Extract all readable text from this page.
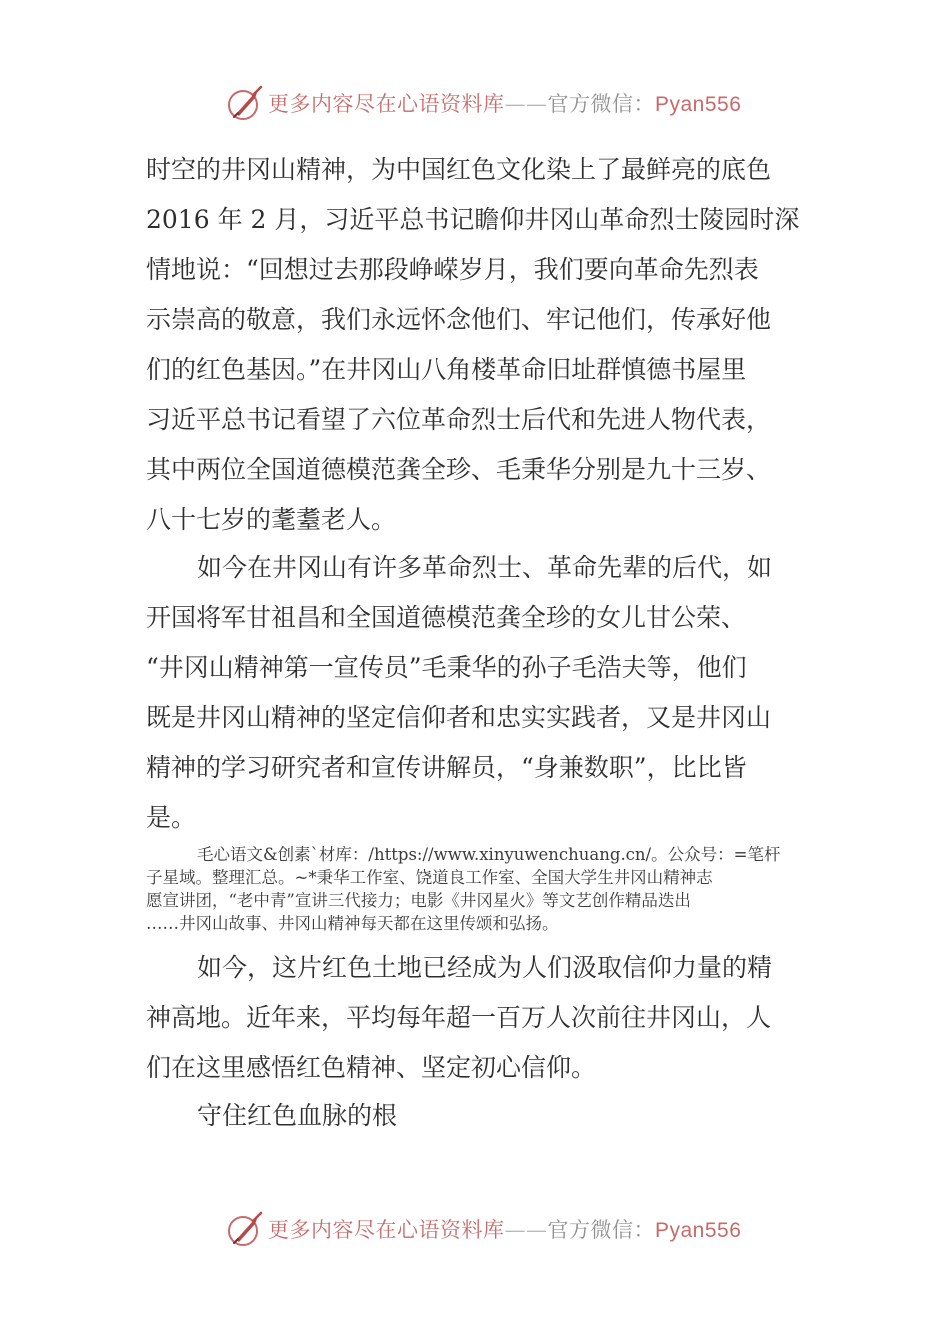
更多内容尽在心语资料库——官方微信：Pyan556
时空的井冈山精神，为中国红色文化染上了最鲜亮的底色
2016 年 2 月，习近平总书记瞻仰井冈山革命烈士陵园时深
情地说：“回想过去那段峥嵘岁月，我们要向革命先烈表
示崇高的敬意，我们永远怀念他们、牢记他们，传承好他
们的红色基因。”在井冈山八角楼革命旧址群慎德书屋里
习近平总书记看望了六位革命烈士后代和先进人物代表，
其中两位全国道德模范龚全珍、毛秉华分别是九十三岁、
八十七岁的耄耋老人。
如今在井冈山有许多革命烈士、革命先辈的后代，如
开国将军甘祖昌和全国道德模范龚全珍的女儿甘公荣、
“井冈山精神第一宣传员”毛秉华的孙子毛浩夫等，他们
既是井冈山精神的坚定信仰者和忠实实践者，又是井冈山
精神的学习研究者和宣传讲解员，“身兼数职”，比比皆
是。
毛心语文&创素`材库：/https://www.xinyuwenchuang.cn/。公众号：=笔杆
子星域。整理汇总。~*秉华工作室、饶道良工作室、全国大学生井冈山精神志
愿宣讲团，“老中青”宣讲三代接力；电影《井冈星火》等文艺创作精品迭出
……井冈山故事、井冈山精神每天都在这里传颂和弘扬。
如今，这片红色土地已经成为人们汲取信仰力量的精
神高地。近年来，平均每年超一百万人次前往井冈山，人
们在这里感悟红色精神、坚定初心信仰。
守住红色血脉的根
更多内容尽在心语资料库——官方微信：Pyan556
